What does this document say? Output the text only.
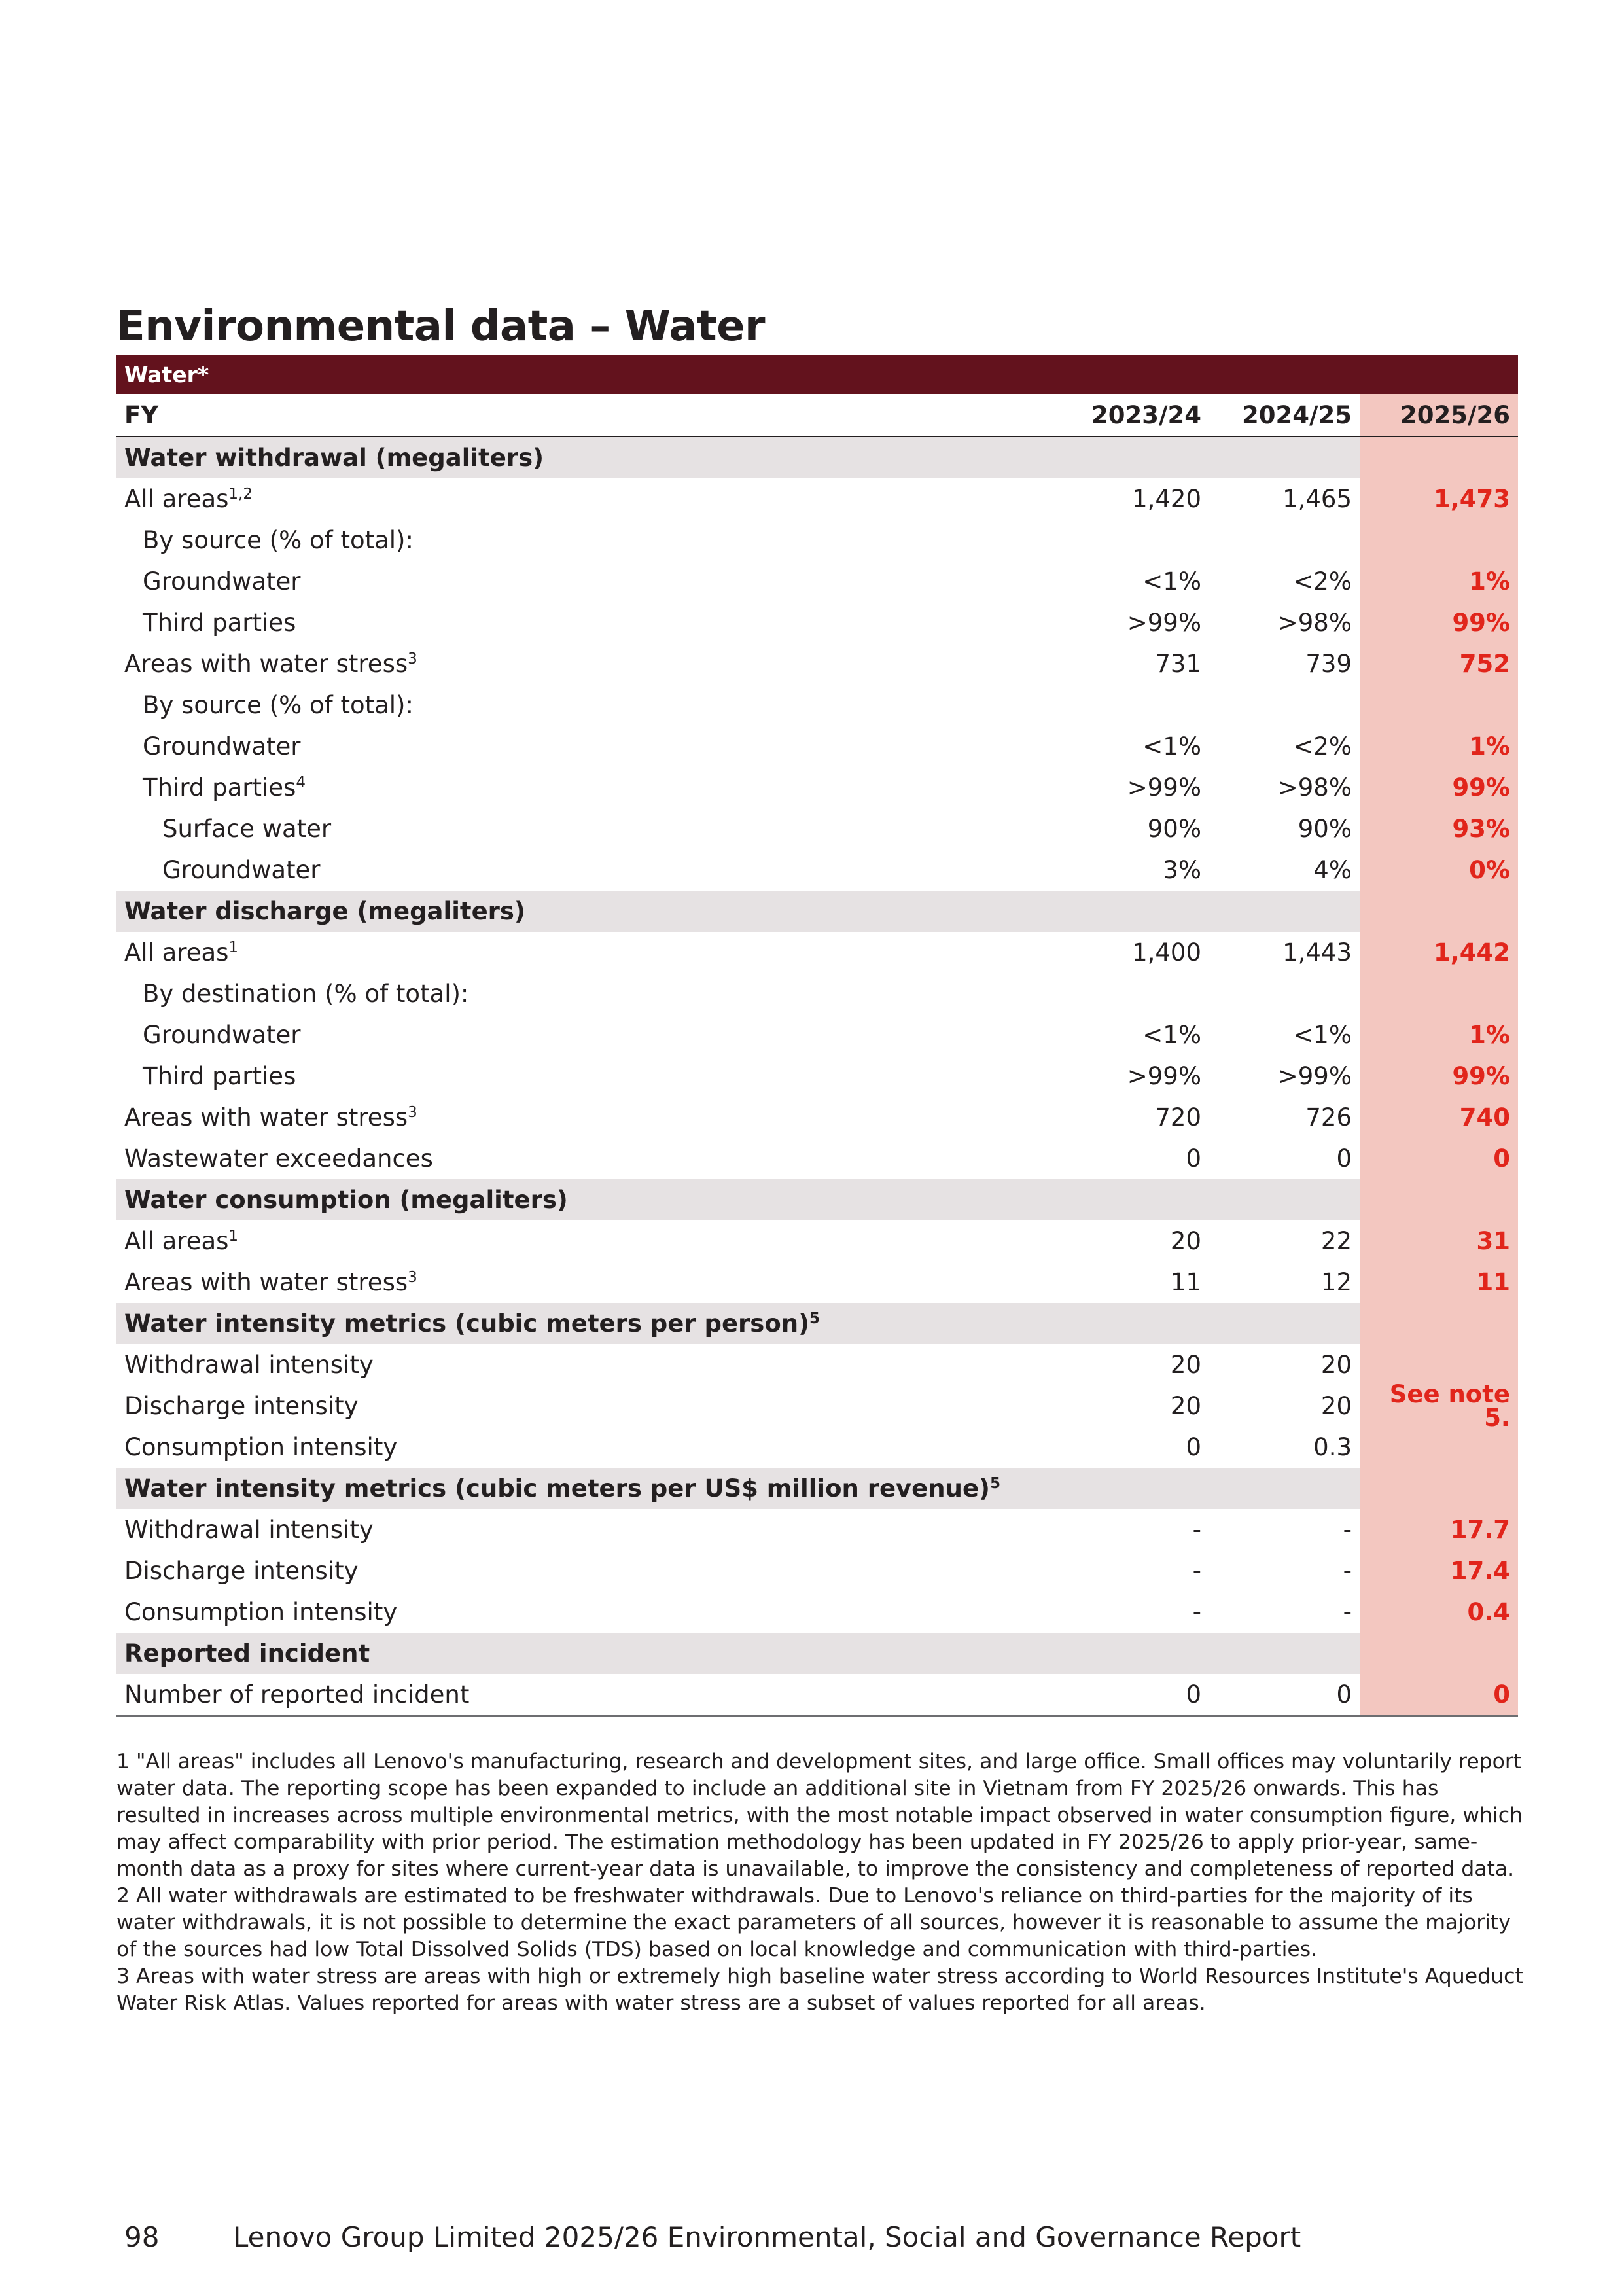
Environmental data – Water
Water*			
FY	2023/24	2024/25	2025/26
Water withdrawal (megaliters)			
All areas$^{1,2}$	1,420	1,465	1,473
By source (% of total):			
Groundwater	<1%	<2%	1%
Third parties	>99%	>98%	99%
Areas with water stress$^3$	731	739	752
By source (% of total):			
Groundwater	<1%	<2%	1%
Third parties$^4$	>99%	>98%	99%
Surface water	90%	90%	93%
Groundwater	3%	4%	0%
Water discharge (megaliters)			
All areas$^1$	1,400	1,443	1,442
By destination (% of total):			
Groundwater	<1%	<1%	1%
Third parties	>99%	>99%	99%
Areas with water stress$^3$	720	726	740
Wastewater exceedances	0	0	0
Water consumption (megaliters)			
All areas$^1$	20	22	31
Areas with water stress$^3$	11	12	11
Water intensity metrics (cubic meters per person)$^5$	
Withdrawal intensity	20	20	See note 5.
Discharge intensity	20	20	
Consumption intensity	0	0.3	
Water intensity metrics (cubic meters per US$ million revenue)$^5$	
Withdrawal intensity	-	-	17.7
Discharge intensity	-	-	17.4
Consumption intensity	-	-	0.4
Reported incident			
Number of reported incident	0	0	0

1 "All areas" includes all Lenovo's manufacturing, research and development sites, and large office. Small offices may voluntarily report water data. The reporting scope has been expanded to include an additional site in Vietnam from FY 2025/26 onwards. This has resulted in increases across multiple environmental metrics, with the most notable impact observed in water consumption figure, which may affect comparability with prior period. The estimation methodology has been updated in FY 2025/26 to apply prior-year, same-month data as a proxy for sites where current-year data is unavailable, to improve the consistency and completeness of reported data.

2 All water withdrawals are estimated to be freshwater withdrawals. Due to Lenovo's reliance on third-parties for the majority of its water withdrawals, it is not possible to determine the exact parameters of all sources, however it is reasonable to assume the majority of the sources had low Total Dissolved Solids (TDS) based on local knowledge and communication with third-parties.

3 Areas with water stress are areas with high or extremely high baseline water stress according to World Resources Institute's Aqueduct Water Risk Atlas. Values reported for areas with water stress are a subset of values reported for all areas.

98	Lenovo Group Limited 2025/26 Environmental, Social and Governance Report
